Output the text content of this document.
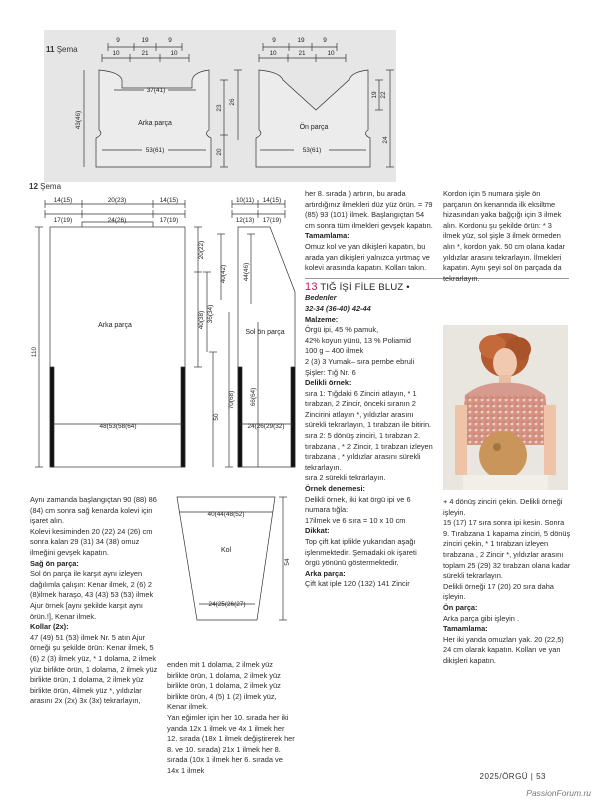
11 Şema
9	19	9
10	21	10
37(41)
Arka parça
53(61)
43(46)
9	19	9
10	21	10
Ön parça
53(61)
23
26
20
19 22
24
12 Şema
14(15)	20(23)	14(15)
17(19)	24(26)	17(19)
Arka parça
48(53(58(64)
110
20(22)
40(38)
50
10(11) 14(15)
12(13) 17(19)
Sol ön parça
24(26(29(32)
40(42)
36(34)
70(68)
44(46)
66(64)
40(44(48(52)
Kol
24(25(26(27)
54

Aynı zamanda başlangıçtan 90 (88) 86 (84) cm sonra sağ kenarda kolevi için işaret alın.

Kolevi kesiminden 20 (22) 24 (26) cm sonra kalan 29 (31) 34 (38) omuz ilmeğini gevşek kapatın.

Sağ ön parça:

Sol ön parça ile karşıt aynı izleyen dağılımla çalışın: Kenar ilmek, 2 (6) 2 (8)ilmek haraşo, 43 (43) 53 (53) ilmek Ajur örnek [aynı şekilde karşıt aynı örün.!], Kenar ilmek.

Kollar (2x):

47 (49) 51 (53) ilmek Nr. 5 atın Ajur örneği şu şekilde örün: Kenar ilmek, 5 (6) 2 (3) ilmek yüz, * 1 dolama, 2 ilmek yüz birlikte örün, 1 dolama, 2 ilmek yüz birlikte örün, 1 dolama, 2 ilmek yüz birlikte örün, 4ilmek yüz *, yıldızlar arasını 2x (2x) 3x (3x) tekrarlayın,

enden mit 1 dolama, 2 ilmek yüz birlikte örün, 1 dolama, 2 ilmek yüz birlikte örün, 1 dolama, 2 ilmek yüz birlikte örün, 4 (5) 1 (2) ilmek yüz, Kenar ilmek.

Yan eğimler için her 10. sırada her iki yanda 12x 1 ilmek ve 4x 1 ilmek her 12. sırada (18x 1 ilmek değiştirerek her 8. ve 10. sırada) 21x 1 ilmek her 8. sırada (10x 1 ilmek her 6. sırada ve 14x 1 ilmek

her 8. sırada ) artırın, bu arada artırdığınız ilmekleri düz yüz örün. = 79 (85) 93 (101) ilmek. Başlangıçtan 54 cm sonra tüm ilmekleri gevşek kapatın.

Tamamlama:

Omuz kol ve yan dikişleri kapatın, bu arada yan dikişleri yalnızca yırtmaç ve kolevi arasında kapatın. Kolları takın.

13 TIĞ İŞİ FİLE BLUZ •

Bedenler

32-34 (36-40) 42-44

Malzeme:

Örgü ipi, 45 % pamuk,

42% koyun yünü, 13 % Poliamid

100 g – 400 ilmek

2 (3) 3 Yumak– sıra pembe ebruli

Şişler: Tığ Nr. 6

Delikli örnek:

sıra 1: Tığdaki 6 Zinciri atlayın, * 1 tırabzan, 2 Zincir, önceki sıranın 2 Zincirini atlayın *, yıldızlar arasını sürekli tekrarlayın, 1 tırabzan ile bitirin.

sıra 2: 5 dönüş zinciri, 1 tırabzan 2. tırabzana , * 2 Zincir, 1 tırabzan izleyen tırabzana , * yıldızlar arasını sürekli tekrarlayın.

sıra 2 sürekli tekrarlayın.

Örnek denemesi:

Delikli örnek, iki kat örgü ipi ve 6 numara tığla:

17ilmek ve 6 sıra = 10 x 10 cm

Dikkat:

Top çift kat iplikle yukarıdan aşağı işlenmektedir. Şemadaki ok işareti örgü yönünü göstermektedir.

Arka parça:

Çift kat iple 120 (132) 141 Zincir

Kordon için 5 numara şişle ön parçanın ön kenarında ilk eksiltme hizasından yaka bağçığı için 3 ilmek alın. Kordonu şu şekilde örün: * 3 ilmek yüz, sol şişle 3 ilmek örmeden alın *, kordon yak. 50 cm olana kadar yıldızlar arasını tekrarlayın. İlmekleri kapatın. Aynı şeyi sol ön parçada da tekrarlayın.

+ 4 dönüş zinciri çekin. Delikli örneği işleyin.

15 (17) 17 sıra sonra ipi kesin. Sonra 9. Tırabzana 1 kapama zinciri, 5 dönüş zinciri çekin, * 1 tırabzan izleyen tırabzana , 2 Zincir *, yıldızlar arasını toplam 25 (29) 32 tırabzan olana kadar sürekli tekrarlayın.

Delikli örneği 17 (20) 20 sıra daha işleyin.

Ön parça:

Arka parça gibi işleyin .

Tamamlama:

Her iki yanda omuzları yak. 20 (22,5) 24 cm olarak kapatın. Kolları ve yan dikişleri kapatın.

2025/ÖRGÜ | 53
PassionForum.ru
